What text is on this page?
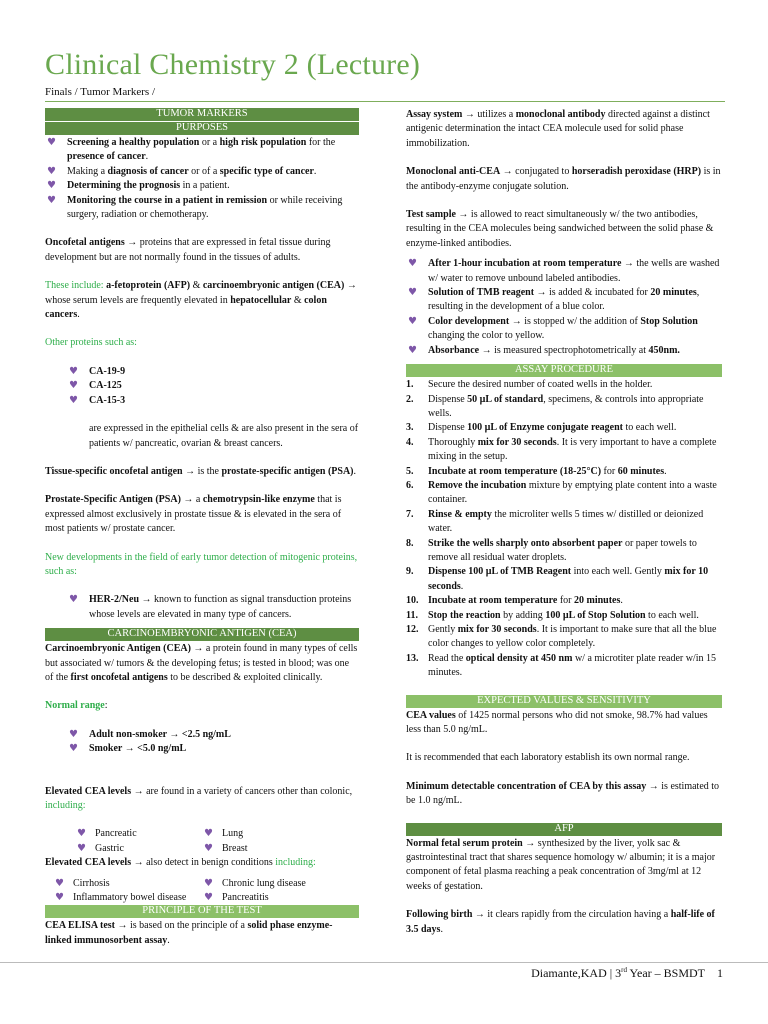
Clinical Chemistry 2 (Lecture)
Finals / Tumor Markers /
TUMOR MARKERS
PURPOSES
♥ Screening a healthy population or a high risk population for the presence of cancer.
♥ Making a diagnosis of cancer or of a specific type of cancer.
♥ Determining the prognosis in a patient.
♥ Monitoring the course in a patient in remission or while receiving surgery, radiation or chemotherapy.

Oncofetal antigens → proteins that are expressed in fetal tissue during development but are not normally found in the tissues of adults.

These include: a-fetoprotein (AFP) & carcinoembryonic antigen (CEA) → whose serum levels are frequently elevated in hepatocellular & colon cancers.

Other proteins such as:

♥ CA-19-9
♥ CA-125
♥ CA-15-3

are expressed in the epithelial cells & are also present in the sera of patients w/ pancreatic, ovarian & breast cancers.

Tissue-specific oncofetal antigen → is the prostate-specific antigen (PSA).

Prostate-Specific Antigen (PSA) → a chemotrypsin-like enzyme that is expressed almost exclusively in prostate tissue & is elevated in the sera of most patients w/ prostate cancer.

New developments in the field of early tumor detection of mitogenic proteins, such as:

♥ HER-2/Neu → known to function as signal transduction proteins whose levels are elevated in many type of cancers.
CARCINOEMBRYONIC ANTIGEN (CEA)

Carcinoembryonic Antigen (CEA) → a protein found in many types of cells but associated w/ tumors & the developing fetus; is tested in blood; was one of the first oncofetal antigens to be described & exploited clinically.

Normal range:

♥ Adult non-smoker → <2.5 ng/mL
♥ Smoker → <5.0 ng/mL

Elevated CEA levels → are found in a variety of cancers other than colonic, including:

♥ Pancreatic
♥ Gastric
♥ Lung
♥ Breast

Elevated CEA levels → also detect in benign conditions including:

♥ Cirrhosis
♥ Inflammatory bowel disease
♥ Chronic lung disease
♥ Pancreatitis
PRINCIPLE OF THE TEST

CEA ELISA test → is based on the principle of a solid phase enzyme-linked immunosorbent assay.

Assay system → utilizes a monoclonal antibody directed against a distinct antigenic determination the intact CEA molecule used for solid phase immobilization.

Monoclonal anti-CEA → conjugated to horseradish peroxidase (HRP) is in the antibody-enzyme conjugate solution.

Test sample → is allowed to react simultaneously w/ the two antibodies, resulting in the CEA molecules being sandwiched between the solid phase & enzyme-linked antibodies.

♥ After 1-hour incubation at room temperature → the wells are washed w/ water to remove unbound labeled antibodies.
♥ Solution of TMB reagent → is added & incubated for 20 minutes, resulting in the development of a blue color.
♥ Color development → is stopped w/ the addition of Stop Solution changing the color to yellow.
♥ Absorbance → is measured spectrophotometrically at 450nm.
ASSAY PROCEDURE
1. Secure the desired number of coated wells in the holder.
2. Dispense 50 µL of standard, specimens, & controls into appropriate wells.
3. Dispense 100 µL of Enzyme conjugate reagent to each well.
4. Thoroughly mix for 30 seconds. It is very important to have a complete mixing in the setup.
5. Incubate at room temperature (18-25°C) for 60 minutes.
6. Remove the incubation mixture by emptying plate content into a waste container.
7. Rinse & empty the microliter wells 5 times w/ distilled or deionized water.
8. Strike the wells sharply onto absorbent paper or paper towels to remove all residual water droplets.
9. Dispense 100 µL of TMB Reagent into each well. Gently mix for 10 seconds.
10. Incubate at room temperature for 20 minutes.
11. Stop the reaction by adding 100 µL of Stop Solution to each well.
12. Gently mix for 30 seconds. It is important to make sure that all the blue color changes to yellow color completely.
13. Read the optical density at 450 nm w/ a microtiter plate reader w/in 15 minutes.
EXPECTED VALUES & SENSITIVITY

CEA values of 1425 normal persons who did not smoke, 98.7% had values less than 5.0 ng/mL.

It is recommended that each laboratory establish its own normal range.

Minimum detectable concentration of CEA by this assay → is estimated to be 1.0 ng/mL.

AFP

Normal fetal serum protein → synthesized by the liver, yolk sac & gastrointestinal tract that shares sequence homology w/ albumin; it is a major component of fetal plasma reaching a peak concentration of 3mg/ml at 12 weeks of gestation.

Following birth → it clears rapidly from the circulation having a half-life of 3.5 days.

Diamante,KAD | 3rd Year – BSMDT 1
